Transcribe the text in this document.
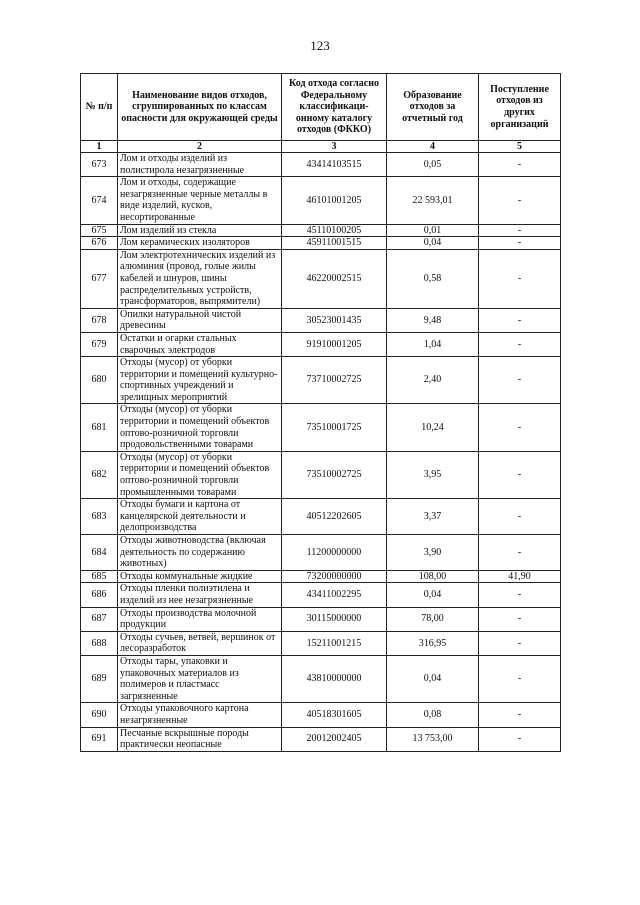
123
№ п/п	Наименование видов отходов, сгруппированных по классам опасности для окружающей среды	Код отхода согласно Федеральному классификаци-онному каталогу отходов (ФККО)	Образование отходов за отчетный год	Поступление отходов из других организаций
1	2	3	4	5
673	Лом и отходы изделий из полистирола незагрязненные	43414103515	0,05	-
674	Лом и отходы, содержащие незагрязненные черные металлы в виде изделий, кусков, несортированные	46101001205	22 593,01	-
675	Лом изделий из стекла	45110100205	0,01	-
676	Лом керамических изоляторов	45911001515	0,04	-
677	Лом электротехнических изделий из алюминия (провод, голые жилы кабелей и шнуров, шины распределительных устройств, трансформаторов, выпрямители)	46220002515	0,58	-
678	Опилки натуральной чистой древесины	30523001435	9,48	-
679	Остатки и огарки стальных сварочных электродов	91910001205	1,04	-
680	Отходы (мусор) от уборки территории и помещений культурно-спортивных учреждений и зрелищных мероприятий	73710002725	2,40	-
681	Отходы (мусор) от уборки территории и помещений объектов оптово-розничной торговли продовольственными товарами	73510001725	10,24	-
682	Отходы (мусор) от уборки территории и помещений объектов оптово-розничной торговли промышленными товарами	73510002725	3,95	-
683	Отходы бумаги и картона от канцелярской деятельности и делопроизводства	40512202605	3,37	-
684	Отходы животноводства (включая деятельность по содержанию животных)	11200000000	3,90	-
685	Отходы коммунальные жидкие	73200000000	108,00	41,90
686	Отходы пленки полиэтилена и изделий из нее незагрязненные	43411002295	0,04	-
687	Отходы производства молочной продукции	30115000000	78,00	-
688	Отходы сучьев, ветвей, вершинок от лесоразработок	15211001215	316,95	-
689	Отходы тары, упаковки и упаковочных материалов из полимеров и пластмасс загрязненные	43810000000	0,04	-
690	Отходы упаковочного картона незагрязненные	40518301605	0,08	-
691	Песчаные вскрышные породы практически неопасные	20012002405	13 753,00	-
